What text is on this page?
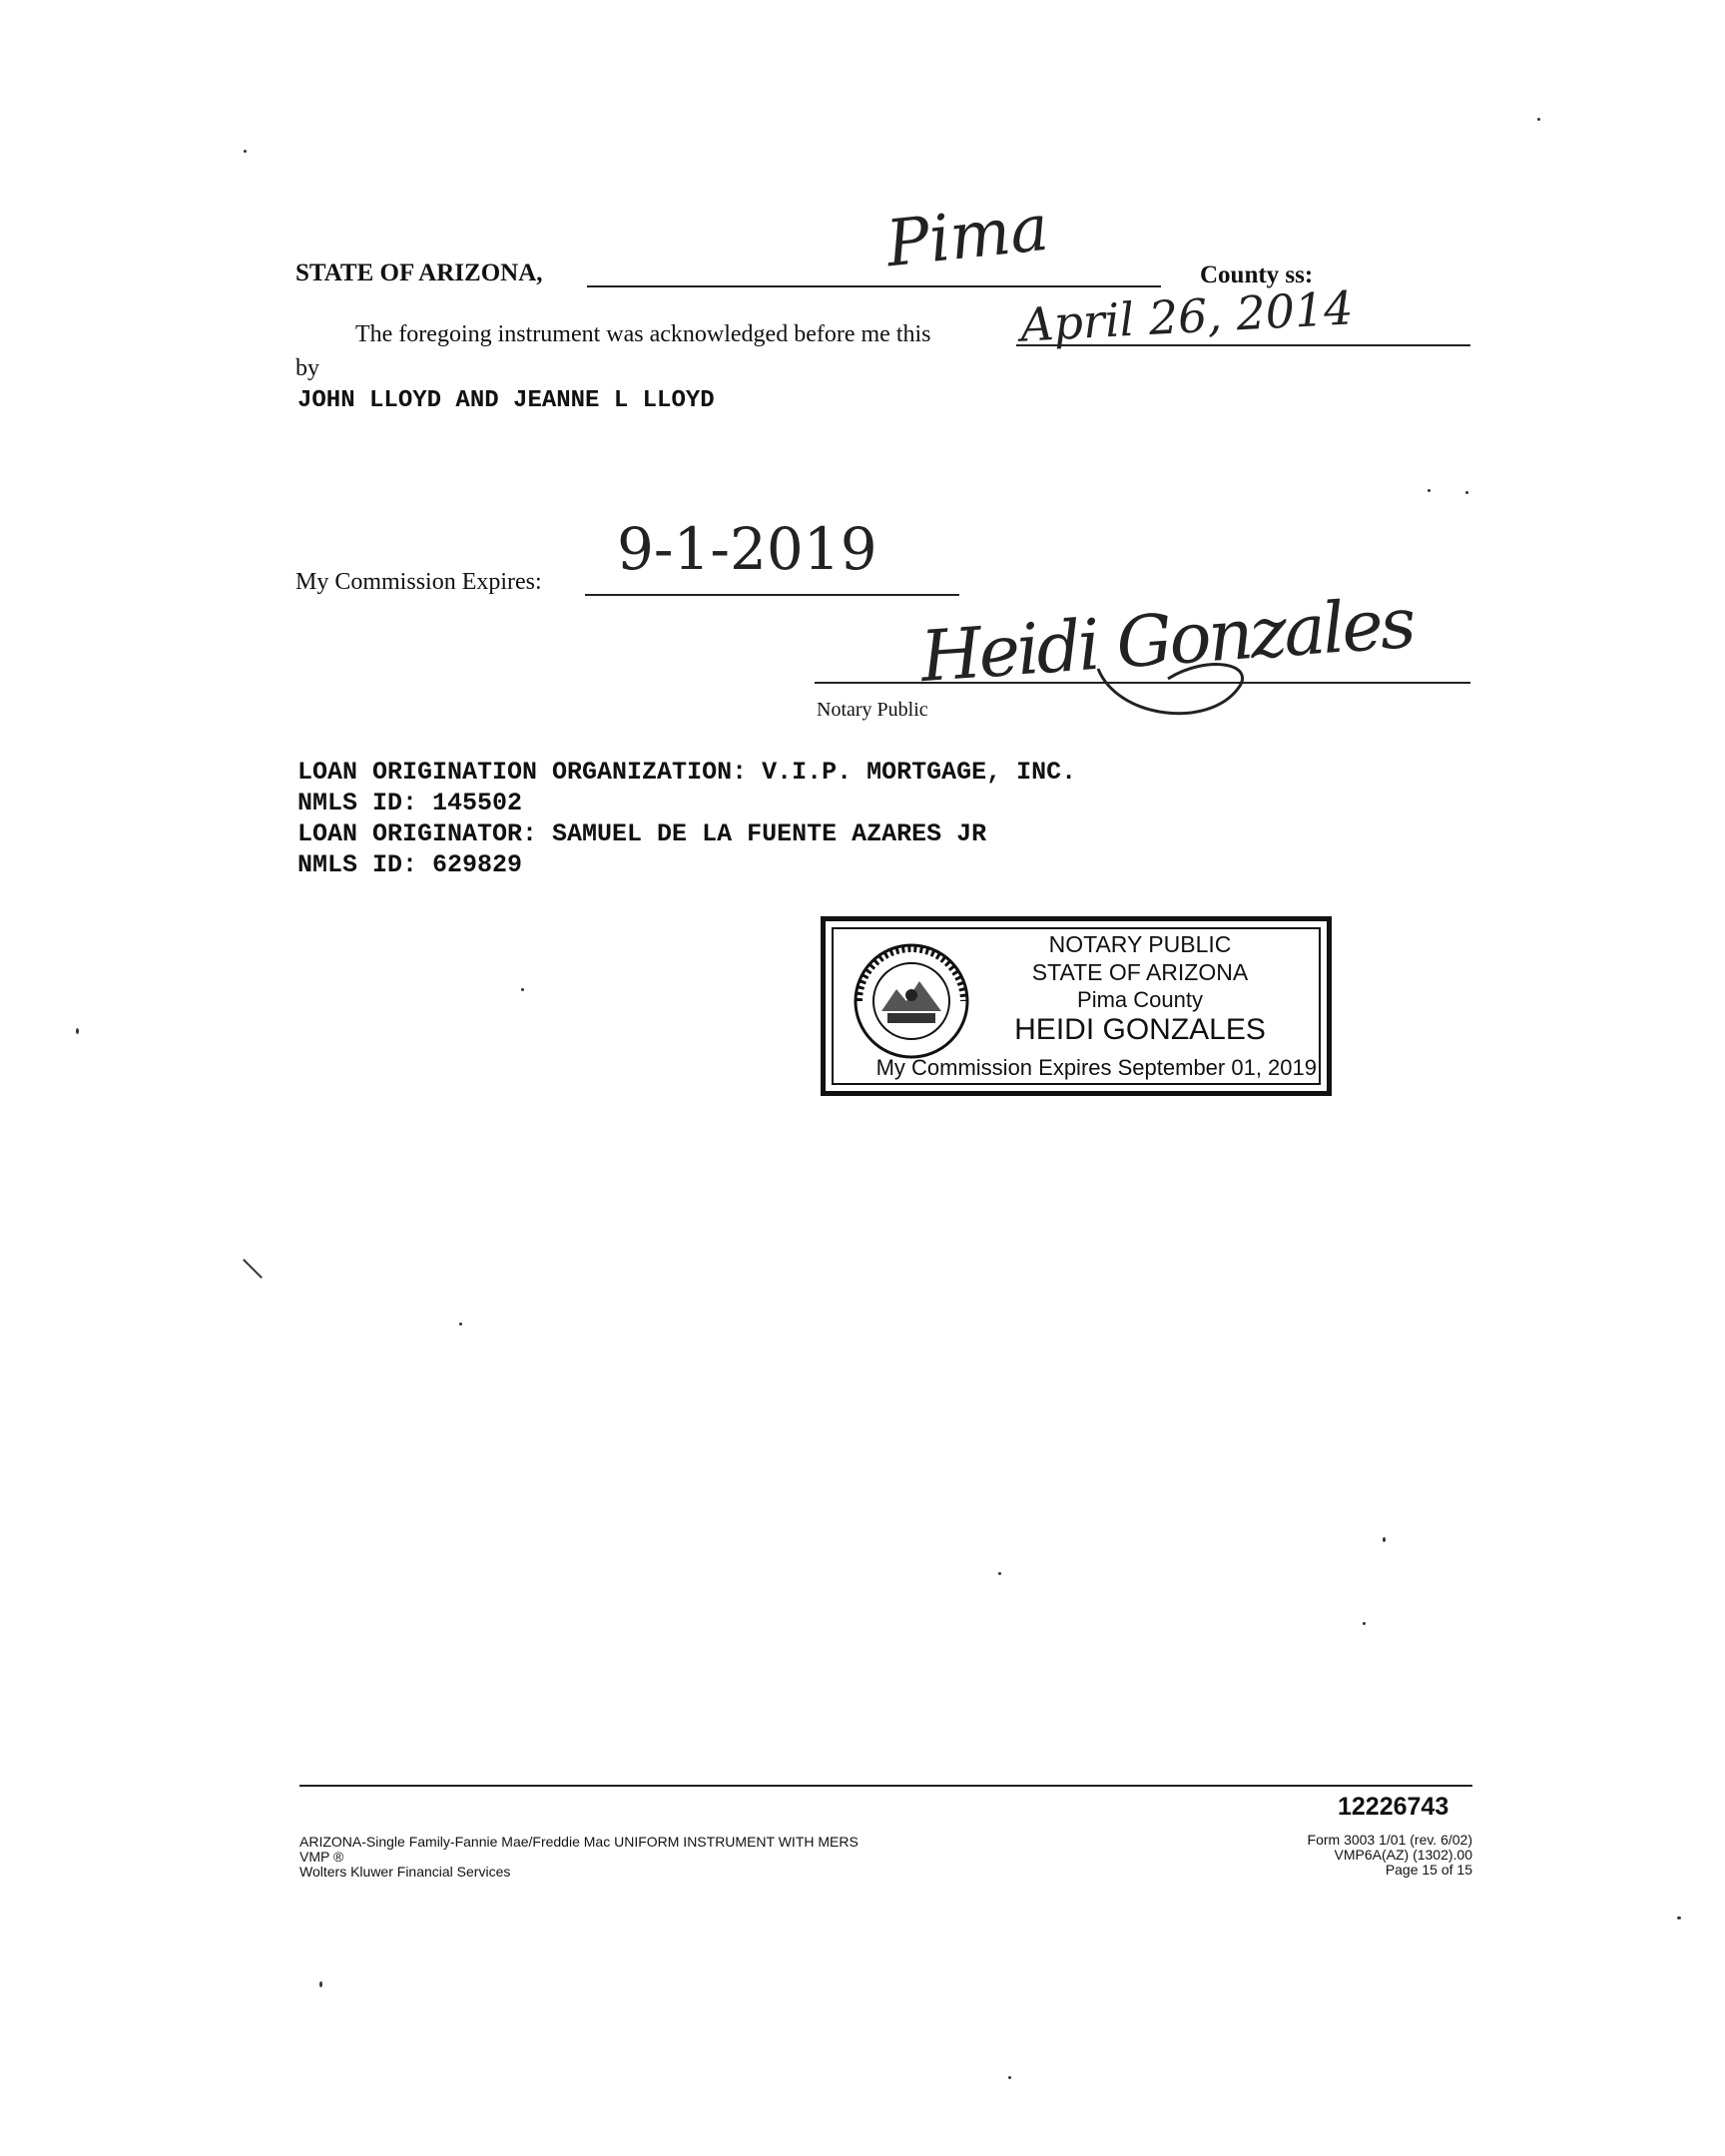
STATE OF ARIZONA,	Pima	County ss:
The foregoing instrument was acknowledged before me this April 26, 2014
by
JOHN LLOYD AND JEANNE L LLOYD
My Commission Expires: 9-1-2019
Heidi Gonzales
Notary Public
LOAN ORIGINATION ORGANIZATION: V.I.P. MORTGAGE, INC.
NMLS ID: 145502
LOAN ORIGINATOR: SAMUEL DE LA FUENTE AZARES JR
NMLS ID: 629829
NOTARY PUBLIC
STATE OF ARIZONA
Pima County
HEIDI GONZALES
My Commission Expires September 01, 2019
12226743
ARIZONA-Single Family-Fannie Mae/Freddie Mac UNIFORM INSTRUMENT WITH MERS
VMP ®
Wolters Kluwer Financial Services
Form 3003 1/01 (rev. 6/02)
VMP6A(AZ) (1302).00
Page 15 of 15
